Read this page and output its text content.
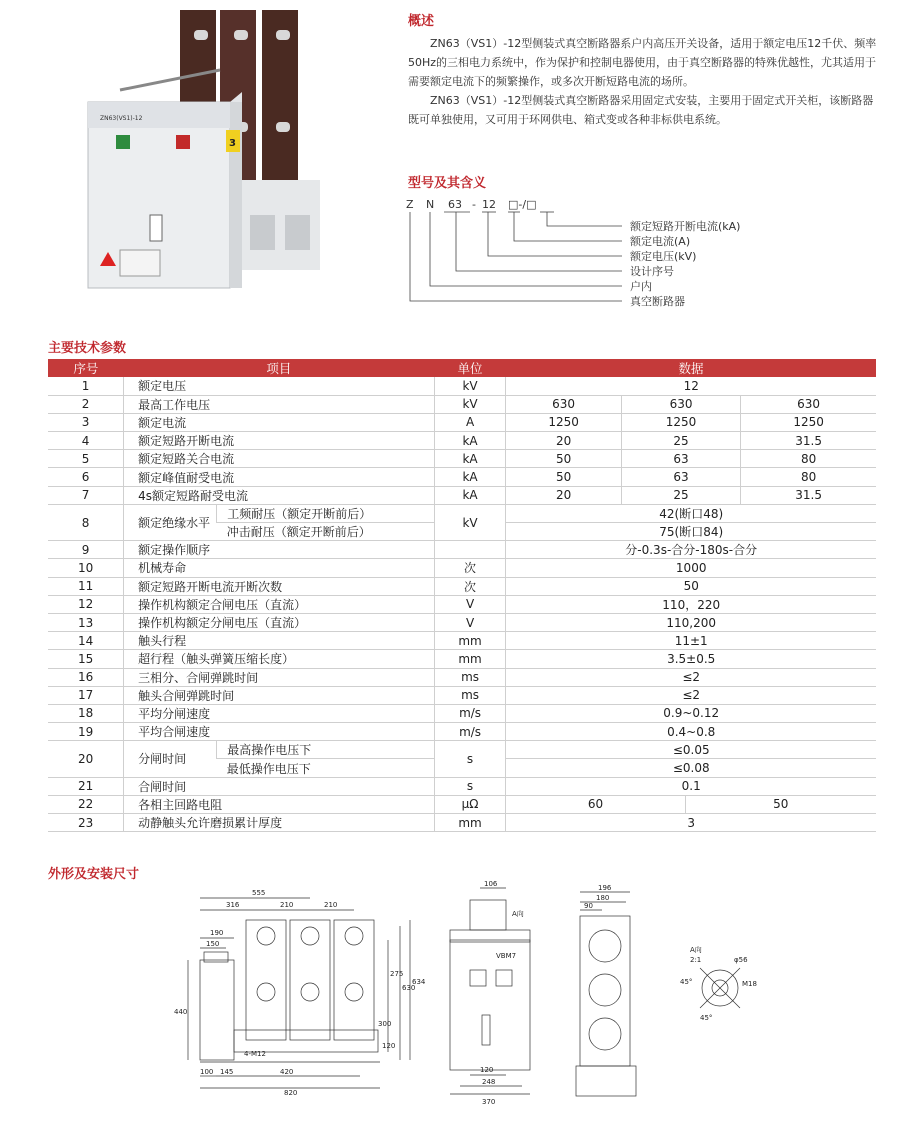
ZN63(VS1)-12
3
概述

ZN63（VS1）-12型侧装式真空断路器系户内高压开关设备，适用于额定电压12千伏、频率50Hz的三相电力系统中，作为保护和控制电器使用，由于真空断路器的特殊优越性，尤其适用于需要额定电流下的频繁操作，或多次开断短路电流的场所。

ZN63（VS1）-12型侧装式真空断路器采用固定式安装，主要用于固定式开关柜，该断路器既可单独使用，又可用于环网供电、箱式变或各种非标供电系统。

型号及其含义
Z N 63 - 12 □-/□
额定短路开断电流(kA)
额定电流(A)
额定电压(kV)
设计序号
户内
真空断路器
主要技术参数
序号	项目		单位	数据			
1	额定电压		kV	12			
2	最高工作电压		kV	630	630		630
3	额定电流		A	1250	1250		1250
4	额定短路开断电流		kA	20	25		31.5
5	额定短路关合电流		kA	50	63		80
6	额定峰值耐受电流		kA	50	63		80
7	4s额定短路耐受电流		kA	20	25		31.5
8	额定绝缘水平	工频耐压（额定开断前后）	kV	42(断口48)			
		冲击耐压（额定开断前后）		75(断口84)			
9	额定操作顺序			分-0.3s-合分-180s-合分			
10	机械寿命		次	1000			
11	额定短路开断电流开断次数		次	50			
12	操作机构额定合闸电压（直流）		V	110，220			
13	操作机构额定分闸电压（直流）		V	110,200			
14	触头行程		mm	11±1			
15	超行程（触头弹簧压缩长度）		mm	3.5±0.5			
16	三相分、合闸弹跳时间		ms	≤2			
17	触头合闸弹跳时间		ms	≤2			
18	平均分闸速度		m/s	0.9~0.12			
19	平均合闸速度		m/s	0.4~0.8			
20	分闸时间	最高操作电压下	s	≤0.05			
		最低操作电压下		≤0.08			
21	合闸时间		s	0.1			
22	各相主回路电阻		μΩ	60		50	
23	动静触头允许磨损累计厚度		mm	3			
外形及安装尺寸
555
316	210	210
190
150
440
275
630
634
300
120
4-M12
100 145	420
820
106
A向
VBM7
120
248
370
196
180
90
A向
2:1	φ56
45°
45°
M18
